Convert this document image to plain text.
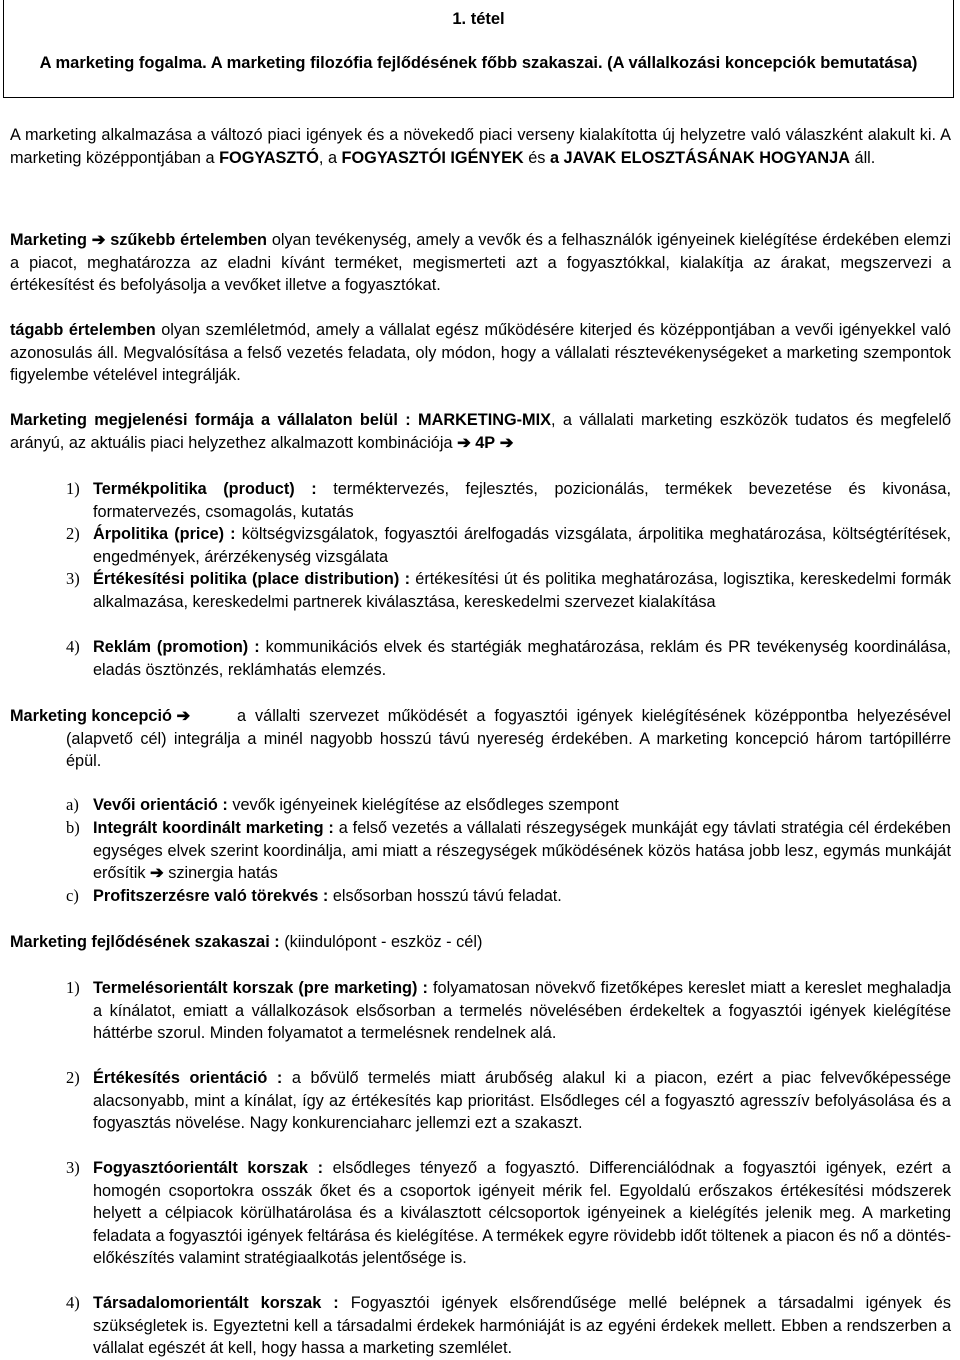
1. tétel
A marketing fogalma. A marketing filozófia fejlődésének főbb szakaszai. (A vállalkozási koncepciók bemutatása)
A marketing alkalmazása a változó piaci igények és a növekedő piaci verseny kialakította új helyzetre való válaszként alakult ki. A marketing középpontjában a FOGYASZTÓ, a FOGYASZTÓI IGÉNYEK és a JAVAK ELOSZTÁSÁNAK HOGYANJA áll.
Marketing ➔ szűkebb értelemben olyan tevékenység, amely a vevők és a felhasználók igényeinek kielégítése érdekében elemzi a piacot, meghatározza az eladni kívánt terméket, megismerteti azt a fogyasztókkal, kialakítja az árakat, megszervezi a értékesítést és befolyásolja a vevőket illetve a fogyasztókat.
tágabb értelemben olyan szemléletmód, amely a vállalat egész működésére kiterjed és középpontjában a vevői igényekkel való azonosulás áll. Megvalósítása a felső vezetés feladata, oly módon, hogy a vállalati résztevékenységeket a marketing szempontok figyelembe vételével integrálják.
Marketing megjelenési formája a vállalaton belül : MARKETING-MIX, a vállalati marketing eszközök tudatos és megfelelő arányú, az aktuális piaci helyzethez alkalmazott kombinációja ➔ 4P ➔
1) Termékpolitika (product) : terméktervezés, fejlesztés, pozicionálás, termékek bevezetése és kivonása, formatervezés, csomagolás, kutatás
2) Árpolitika (price) : költségvizsgálatok, fogyasztói árelfogadás vizsgálata, árpolitika meghatározása, költségtérítések, engedmények, árérzékenység vizsgálata
3) Értékesítési politika (place distribution) : értékesítési út és politika meghatározása, logisztika, kereskedelmi formák alkalmazása, kereskedelmi partnerek kiválasztása, kereskedelmi szervezet kialakítása
4) Reklám (promotion) : kommunikációs elvek és startégiák meghatározása, reklám és PR tevékenység koordinálása, eladás ösztönzés, reklámhatás elemzés.
Marketing koncepció ➔	a vállalti szervezet működését a fogyasztói igények kielégítésének középpontba helyezésével (alapvető cél) integrálja a minél nagyobb hosszú távú nyereség érdekében. A marketing koncepció három tartópillérre épül.
a) Vevői orientáció : vevők igényeinek kielégítése az elsődleges szempont
b) Integrált koordinált marketing : a felső vezetés a vállalati részegységek munkáját egy távlati stratégia cél érdekében egységes elvek szerint koordinálja, ami miatt a részegységek működésének közös hatása jobb lesz, egymás munkáját erősítik ➔ szinergia hatás
c) Profitszerzésre való törekvés : elsősorban hosszú távú feladat.
Marketing fejlődésének szakaszai : (kiindulópont - eszköz - cél)
1) Termelésorientált korszak (pre marketing) : folyamatosan növekvő fizetőképes kereslet miatt a kereslet meghaladja a kínálatot, emiatt a vállalkozások elsősorban a termelés növelésében érdekeltek a fogyasztói igények kielégítése háttérbe szorul. Minden folyamatot a termelésnek rendelnek alá.
2) Értékesítés orientáció : a bővülő termelés miatt árubőség alakul ki a piacon, ezért a piac felvevőképessége alacsonyabb, mint a kínálat, így az értékesítés kap prioritást. Elsődleges cél a fogyasztó agresszív befolyásolása és a fogyasztás növelése. Nagy konkurenciaharc jellemzi ezt a szakaszt.
3) Fogyasztóorientált korszak : elsődleges tényező a fogyasztó. Differenciálódnak a fogyasztói igények, ezért a homogén csoportokra osszák őket és a csoportok igényeit mérik fel. Egyoldalú erőszakos értékesítési módszerek helyett a célpiacok körülhatárolása és a kiválasztott célcsoportok igényeinek a kielégítés jelenik meg. A marketing feladata a fogyasztói igények feltárása és kielégítése. A termékek egyre rövidebb időt töltenek a piacon és nő a döntés-előkészítés valamint stratégiaalkotás jelentősége is.
4) Társadalomorientált korszak : Fogyasztói igények elsőrendűsége mellé belépnek a társadalmi igények és szükségletek is. Egyeztetni kell a társadalmi érdekek harmóniáját is az egyéni érdekek mellett. Ebben a rendszerben a vállalat egészét át kell, hogy hassa a marketing szemlélet.
